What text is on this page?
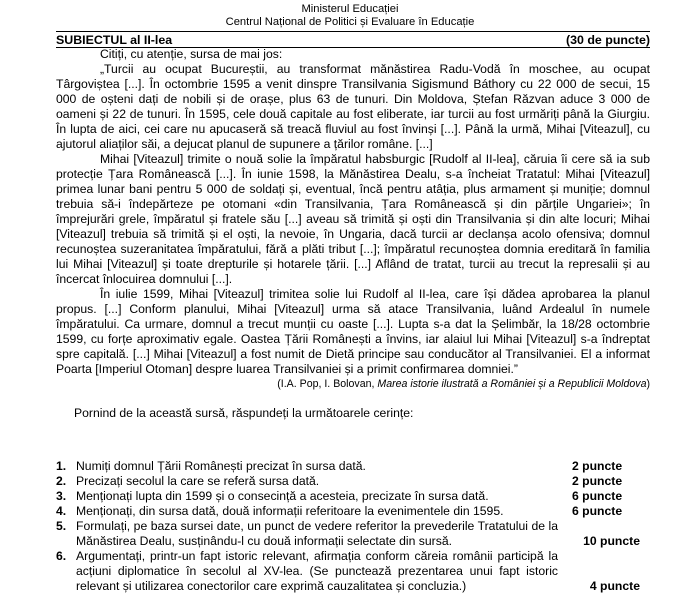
Ministerul Educației
Centrul Național de Politici și Evaluare în Educație
SUBIECTUL al II-lea	(30 de puncte)

Citiți, cu atenție, sursa de mai jos:

„Turcii au ocupat Bucureștii, au transformat mănăstirea Radu-Vodă în moschee, au ocupat Târgoviștea [...]. În octombrie 1595 a venit dinspre Transilvania Sigismund Báthory cu 22 000 de secui, 15 000 de oșteni dați de nobili și de orașe, plus 63 de tunuri. Din Moldova, Ștefan Răzvan aduce 3 000 de oameni și 22 de tunuri. În 1595, cele două capitale au fost eliberate, iar turcii au fost urmăriți până la Giurgiu. În lupta de aici, cei care nu apucaseră să treacă fluviul au fost învinși [...]. Până la urmă, Mihai [Viteazul], cu ajutorul aliaților săi, a dejucat planul de supunere a țărilor române. [...]

Mihai [Viteazul] trimite o nouă solie la împăratul habsburgic [Rudolf al II-lea], căruia îi cere să ia sub protecție Țara Românească [...]. În iunie 1598, la Mănăstirea Dealu, s-a încheiat Tratatul: Mihai [Viteazul] primea lunar bani pentru 5 000 de soldați și, eventual, încă pentru atâția, plus armament și muniție; domnul trebuia să-i îndepărteze pe otomani «din Transilvania, Țara Românească și din părțile Ungariei»; în împrejurări grele, împăratul și fratele său [...] aveau să trimită și oști din Transilvania și din alte locuri; Mihai [Viteazul] trebuia să trimită și el oști, la nevoie, în Ungaria, dacă turcii ar declanșa acolo ofensiva; domnul recunoștea suzeranitatea împăratului, fără a plăti tribut [...]; împăratul recunoștea domnia ereditară în familia lui Mihai [Viteazul] și toate drepturile și hotarele țării. [...] Aflând de tratat, turcii au trecut la represalii și au încercat înlocuirea domnului [...].

În iulie 1599, Mihai [Viteazul] trimitea solie lui Rudolf al II-lea, care își dădea aprobarea la planul propus. [...] Conform planului, Mihai [Viteazul] urma să atace Transilvania, luând Ardealul în numele împăratului. Ca urmare, domnul a trecut munții cu oaste [...]. Lupta s-a dat la Șelimbăr, la 18/28 octombrie 1599, cu forțe aproximativ egale. Oastea Țării Românești a învins, iar alaiul lui Mihai [Viteazul] s-a îndreptat spre capitală. [...] Mihai [Viteazul] a fost numit de Dietă principe sau conducător al Transilvaniei. El a informat Poarta [Imperiul Otoman] despre luarea Transilvaniei și a primit confirmarea domniei.”

(I.A. Pop, I. Bolovan, Marea istorie ilustrată a României și a Republicii Moldova)

Pornind de la această sursă, răspundeți la următoarele cerințe:

1. Numiți domnul Țării Românești precizat în sursa dată.	2 puncte
2. Precizați secolul la care se referă sursa dată.	2 puncte
3. Menționați lupta din 1599 și o consecință a acesteia, precizate în sursa dată.	6 puncte
4. Menționați, din sursa dată, două informații referitoare la evenimentele din 1595.	6 puncte
5. Formulați, pe baza sursei date, un punct de vedere referitor la prevederile Tratatului de la Mănăstirea Dealu, susținându-l cu două informații selectate din sursă.	10 puncte
6. Argumentați, printr-un fapt istoric relevant, afirmația conform căreia românii participă la acțiuni diplomatice în secolul al XV-lea. (Se punctează prezentarea unui fapt istoric relevant și utilizarea conectorilor care exprimă cauzalitatea și concluzia.)	4 puncte
